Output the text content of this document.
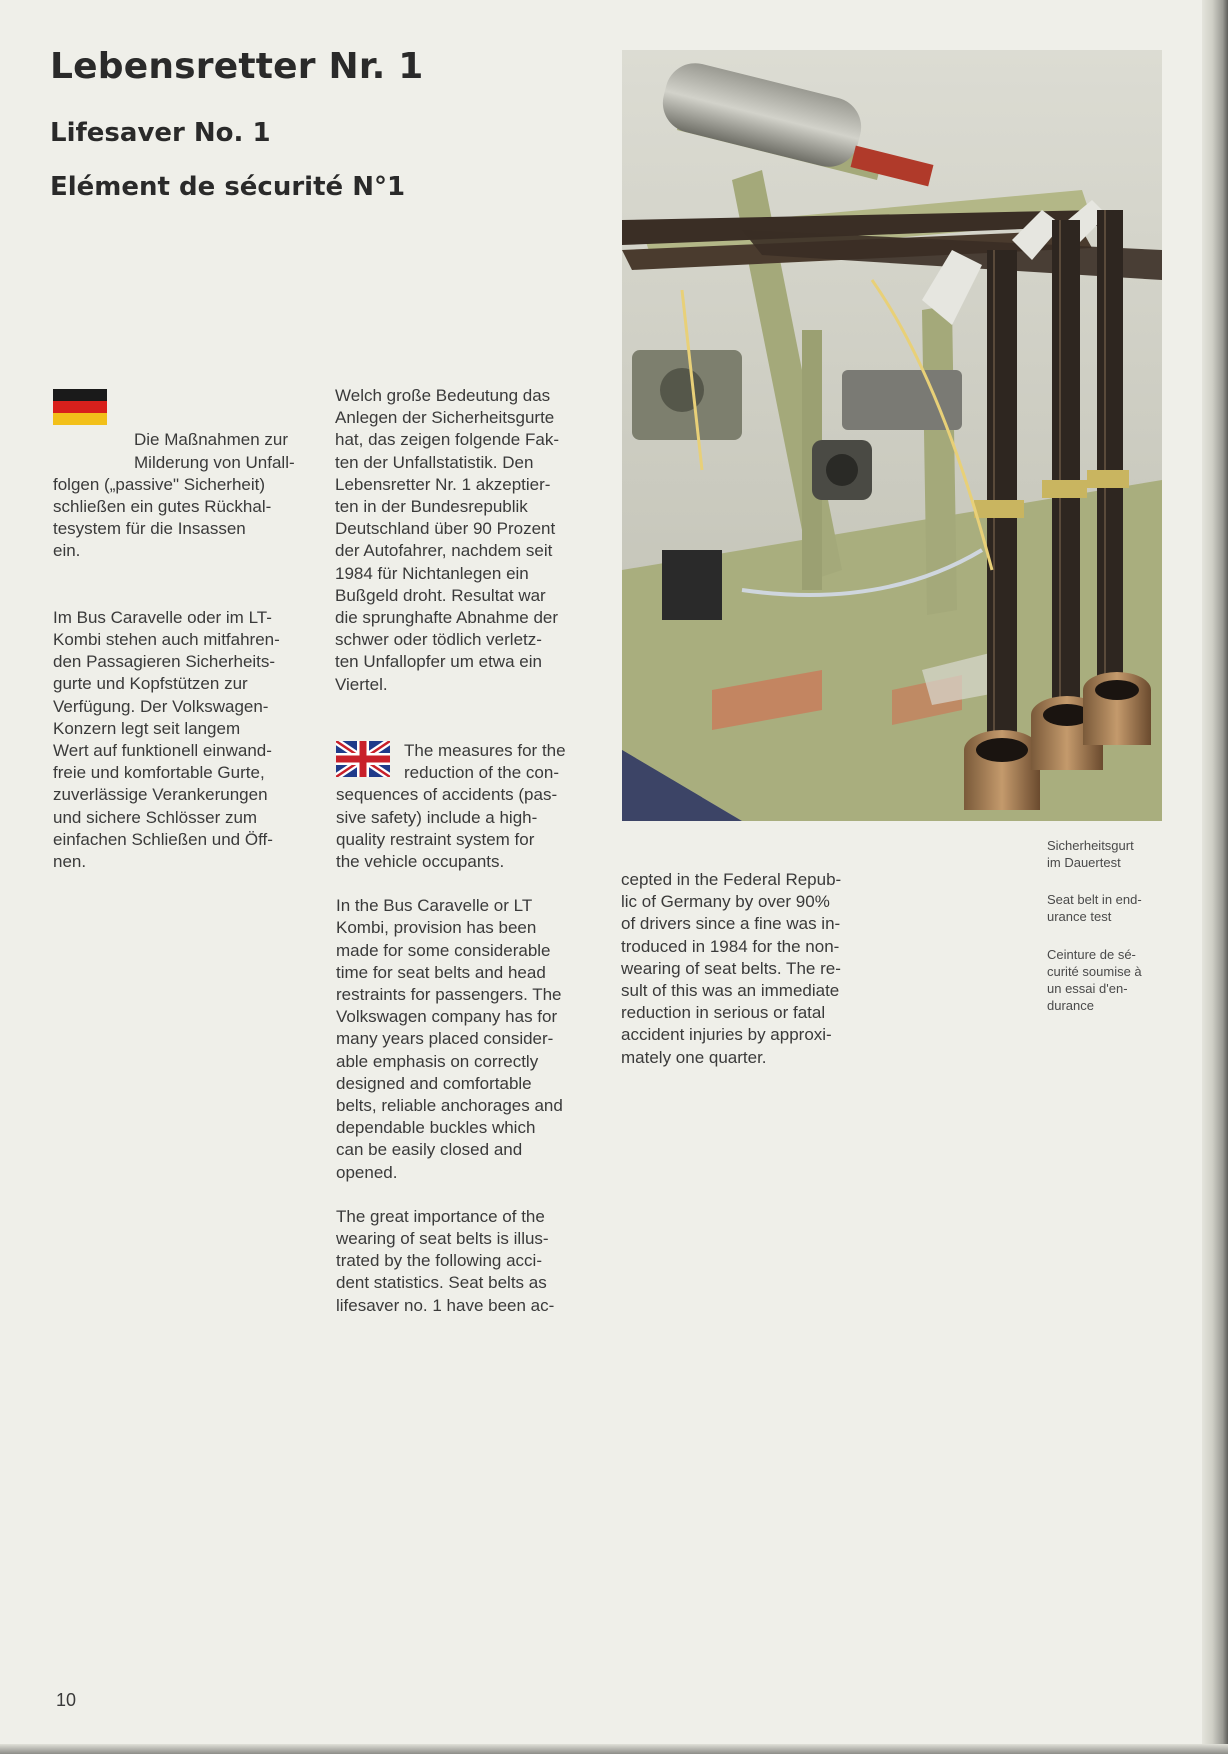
Lebensretter Nr. 1
Lifesaver No. 1
Elément de sécurité N°1

Die Maßnahmen zur
Milderung von Unfall-
folgen („passive" Sicherheit)
schließen ein gutes Rückhal-
tesystem für die Insassen
ein.

Im Bus Caravelle oder im LT-
Kombi stehen auch mitfahren-
den Passagieren Sicherheits-
gurte und Kopfstützen zur
Verfügung. Der Volkswagen-
Konzern legt seit langem
Wert auf funktionell einwand-
freie und komfortable Gurte,
zuverlässige Verankerungen
und sichere Schlösser zum
einfachen Schließen und Öff-
nen.

Welch große Bedeutung das
Anlegen der Sicherheitsgurte
hat, das zeigen folgende Fak-
ten der Unfallstatistik. Den
Lebensretter Nr. 1 akzeptier-
ten in der Bundesrepublik
Deutschland über 90 Prozent
der Autofahrer, nachdem seit
1984 für Nichtanlegen ein
Bußgeld droht. Resultat war
die sprunghafte Abnahme der
schwer oder tödlich verletz-
ten Unfallopfer um etwa ein
Viertel.

The measures for the
reduction of the con-
sequences of accidents (pas-
sive safety) include a high-
quality restraint system for
the vehicle occupants.

In the Bus Caravelle or LT
Kombi, provision has been
made for some considerable
time for seat belts and head
restraints for passengers. The
Volkswagen company has for
many years placed consider-
able emphasis on correctly
designed and comfortable
belts, reliable anchorages and
dependable buckles which
can be easily closed and
opened.

The great importance of the
wearing of seat belts is illus-
trated by the following acci-
dent statistics. Seat belts as
lifesaver no. 1 have been ac-

cepted in the Federal Repub-
lic of Germany by over 90%
of drivers since a fine was in-
troduced in 1984 for the non-
wearing of seat belts. The re-
sult of this was an immediate
reduction in serious or fatal
accident injuries by approxi-
mately one quarter.

Sicherheitsgurt
im Dauertest
Seat belt in end-
urance test
Ceinture de sé-
curité soumise à
un essai d'en-
durance
10
